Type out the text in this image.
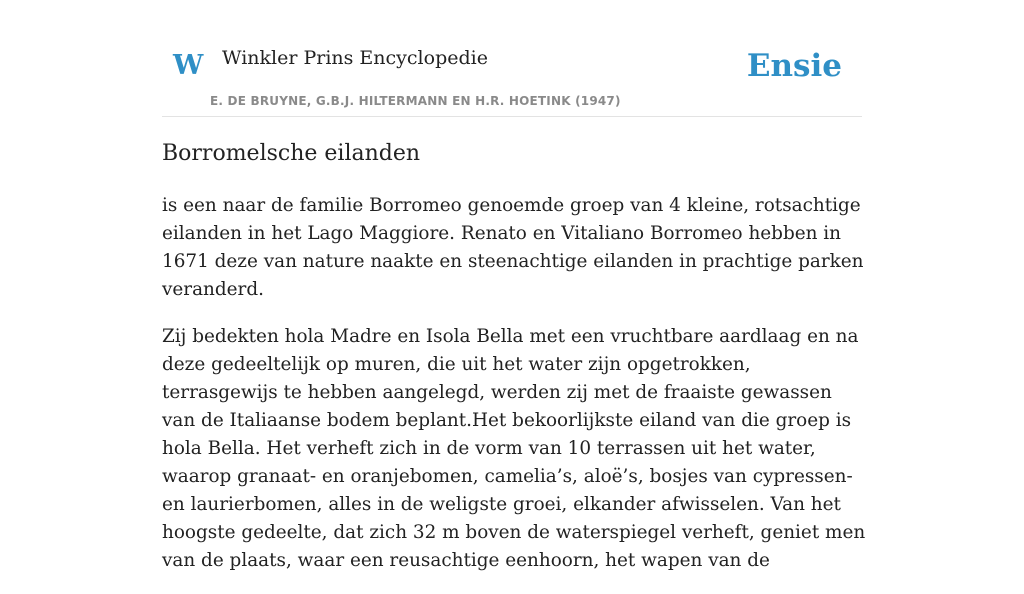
W Winkler Prins Encyclopedie
E. DE BRUYNE, G.B.J. HILTERMANN EN H.R. HOETINK (1947)
Ensie
Borromelsche eilanden

is een naar de familie Borromeo genoemde groep van 4 kleine, rotsachtige eilanden in het Lago Maggiore. Renato en Vitaliano Borromeo hebben in 1671 deze van nature naakte en steenachtige eilanden in prachtige parken veranderd.

Zij bedekten hola Madre en Isola Bella met een vruchtbare aardlaag en na deze gedeeltelijk op muren, die uit het water zijn opgetrokken, terrasgewijs te hebben aangelegd, werden zij met de fraaiste gewassen van de Italiaanse bodem beplant.Het bekoorlijkste eiland van die groep is hola Bella. Het verheft zich in de vorm van 10 terrassen uit het water, waarop granaat- en oranjebomen, camelia’s, aloë’s, bosjes van cypressen- en laurierbomen, alles in de weligste groei, elkander afwisselen. Van het hoogste gedeelte, dat zich 32 m boven de waterspiegel verheft, geniet men van de plaats, waar een reusachtige eenhoorn, het wapen van de
